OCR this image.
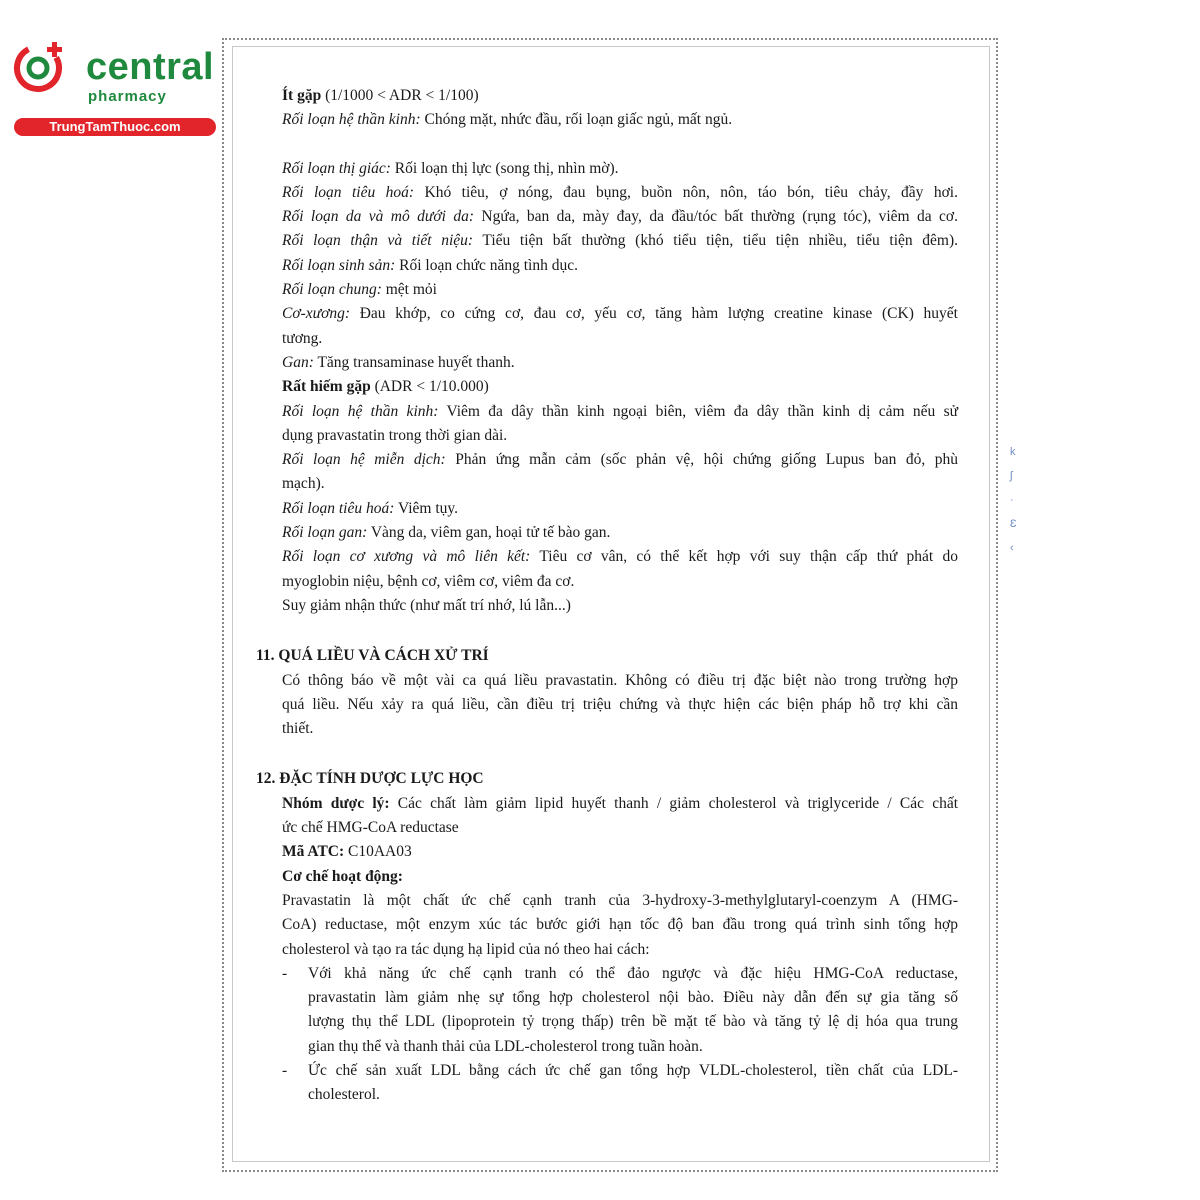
central
pharmacy
TrungTamThuoc.com
Ít gặp (1/1000 < ADR < 1/100)
Rối loạn hệ thần kinh: Chóng mặt, nhức đầu, rối loạn giấc ngủ, mất ngủ.
Rối loạn thị giác: Rối loạn thị lực (song thị, nhìn mờ).
Rối loạn tiêu hoá: Khó tiêu, ợ nóng, đau bụng, buồn nôn, nôn, táo bón, tiêu chảy, đầy hơi.
Rối loạn da và mô dưới da: Ngứa, ban da, mày đay, da đầu/tóc bất thường (rụng tóc), viêm da cơ.
Rối loạn thận và tiết niệu: Tiểu tiện bất thường (khó tiểu tiện, tiểu tiện nhiều, tiểu tiện đêm).
Rối loạn sinh sản: Rối loạn chức năng tình dục.
Rối loạn chung: mệt mỏi
Cơ-xương: Đau khớp, co cứng cơ, đau cơ, yếu cơ, tăng hàm lượng creatine kinase (CK) huyết
tương.
Gan: Tăng transaminase huyết thanh.
Rất hiếm gặp (ADR < 1/10.000)
Rối loạn hệ thần kinh: Viêm đa dây thần kinh ngoại biên, viêm đa dây thần kinh dị cảm nếu sử
dụng pravastatin trong thời gian dài.
Rối loạn hệ miễn dịch: Phản ứng mẫn cảm (sốc phản vệ, hội chứng giống Lupus ban đỏ, phù
mạch).
Rối loạn tiêu hoá: Viêm tụy.
Rối loạn gan: Vàng da, viêm gan, hoại tử tế bào gan.
Rối loạn cơ xương và mô liên kết: Tiêu cơ vân, có thể kết hợp với suy thận cấp thứ phát do
myoglobin niệu, bệnh cơ, viêm cơ, viêm đa cơ.
Suy giảm nhận thức (như mất trí nhớ, lú lẫn...)
11. QUÁ LIỀU VÀ CÁCH XỬ TRÍ
Có thông báo về một vài ca quá liều pravastatin. Không có điều trị đặc biệt nào trong trường hợp
quá liều. Nếu xảy ra quá liều, cần điều trị triệu chứng và thực hiện các biện pháp hỗ trợ khi cần
thiết.
12. ĐẶC TÍNH DƯỢC LỰC HỌC
Nhóm dược lý: Các chất làm giảm lipid huyết thanh / giảm cholesterol và triglyceride / Các chất
ức chế HMG-CoA reductase
Mã ATC: C10AA03
Cơ chế hoạt động:
Pravastatin là một chất ức chế cạnh tranh của 3-hydroxy-3-methylglutaryl-coenzym A (HMG-
CoA) reductase, một enzym xúc tác bước giới hạn tốc độ ban đầu trong quá trình sinh tổng hợp
cholesterol và tạo ra tác dụng hạ lipid của nó theo hai cách:
- Với khả năng ức chế cạnh tranh có thể đảo ngược và đặc hiệu HMG-CoA reductase,
pravastatin làm giảm nhẹ sự tổng hợp cholesterol nội bào. Điều này dẫn đến sự gia tăng số
lượng thụ thể LDL (lipoprotein tỷ trọng thấp) trên bề mặt tế bào và tăng tỷ lệ dị hóa qua trung
gian thụ thể và thanh thải của LDL-cholesterol trong tuần hoàn.
- Ức chế sản xuất LDL bằng cách ức chế gan tổng hợp VLDL-cholesterol, tiền chất của LDL-
cholesterol.
k
ʃ
·
Ɛ
‹
